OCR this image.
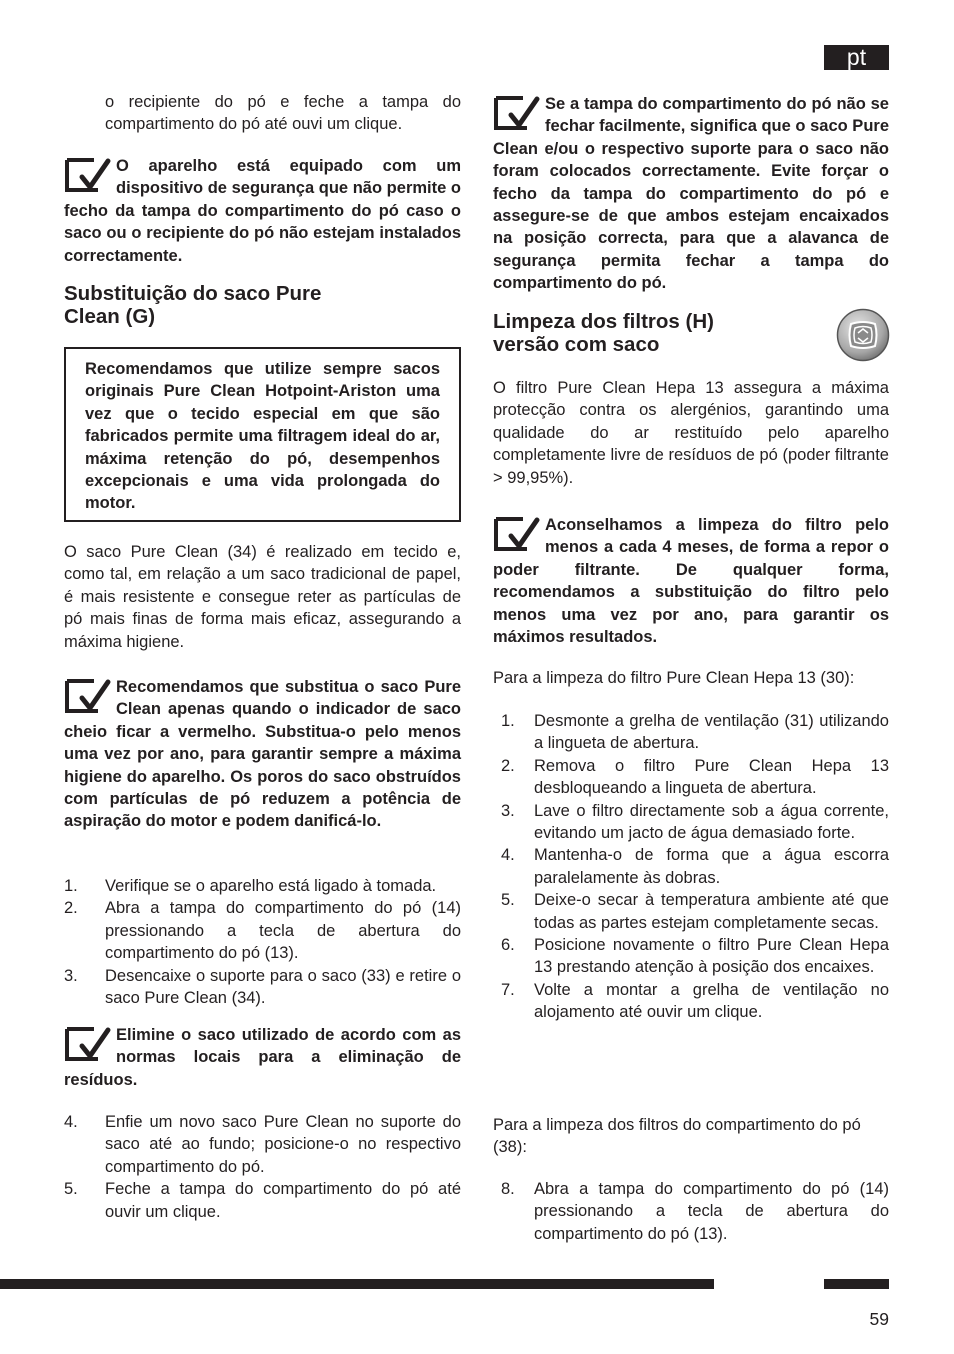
pt

o recipiente do pó e feche a tampa do compartimento do pó até ouvi um clique.

O aparelho está equipado com um dispositivo de segurança que não permite o fecho da tampa do compartimento do pó caso o saco ou o recipiente do pó não estejam instalados correctamente.
Substituição do saco Pure
Clean (G)
Recomendamos que utilize sempre sacos originais Pure Clean Hotpoint-Ariston uma vez que o tecido especial em que são fabricados permite uma filtragem ideal do ar, máxima retenção do pó, desempenhos excepcionais e uma vida prolongada do motor.

O saco Pure Clean (34) é realizado em tecido e, como tal, em relação a um saco tradicional de papel, é mais resistente e consegue reter as partículas de pó mais finas de forma mais eficaz, assegurando a máxima higiene.

Recomendamos que substitua o saco Pure Clean apenas quando o indicador de saco cheio ficar a vermelho. Substitua-o pelo menos uma vez por ano, para garantir sempre a máxima higiene do aparelho. Os poros do saco obstruídos com partículas de pó reduzem a potência de aspiração do motor e podem danificá-lo.
1.	Verifique se o aparelho está ligado à tomada.
2.	Abra a tampa do compartimento do pó (14) pressionando a tecla de abertura do compartimento do pó (13).
3.	Desencaixe o suporte para o saco (33) e retire o saco Pure Clean (34).
Elimine o saco utilizado de acordo com as normas locais para a eliminação de resíduos.
4.	Enfie um novo saco Pure Clean no suporte do saco até ao fundo; posicione-o no respectivo compartimento do pó.
5.	Feche a tampa do compartimento do pó até ouvir um clique.
Se a tampa do compartimento do pó não se fechar facilmente, significa que o saco Pure Clean e/ou o respectivo suporte para o saco não foram colocados correctamente. Evite forçar o fecho da tampa do compartimento do pó e assegure-se de que ambos estejam encaixados na posição correcta, para que a alavanca de segurança permita fechar a tampa do compartimento do pó.
Limpeza dos filtros (H)
versão com saco

O filtro Pure Clean Hepa 13 assegura a máxima protecção contra os alergénios, garantindo uma qualidade do ar restituído pelo aparelho completamente livre de resíduos de pó (poder filtrante > 99,95%).

Aconselhamos a limpeza do filtro pelo menos a cada 4 meses, de forma a repor o poder filtrante. De qualquer forma, recomendamos a substituição do filtro pelo menos uma vez por ano, para garantir os máximos resultados.

Para a limpeza do filtro Pure Clean Hepa 13 (30):

1.	Desmonte a grelha de ventilação (31) utilizando a lingueta de abertura.
2.	Remova o filtro Pure Clean Hepa 13 desbloqueando a lingueta de abertura.
3.	Lave o filtro directamente sob a água corrente, evitando um jacto de água demasiado forte.
4.	Mantenha-o de forma que a água escorra paralelamente às dobras.
5.	Deixe-o secar à temperatura ambiente até que todas as partes estejam completamente secas.
6.	Posicione novamente o filtro Pure Clean Hepa 13 prestando atenção à posição dos encaixes.
7.	Volte a montar a grelha de ventilação no alojamento até ouvir um clique.

Para a limpeza dos filtros do compartimento do pó (38):

8.	Abra a tampa do compartimento do pó (14) pressionando a tecla de abertura do compartimento do pó (13).
59
